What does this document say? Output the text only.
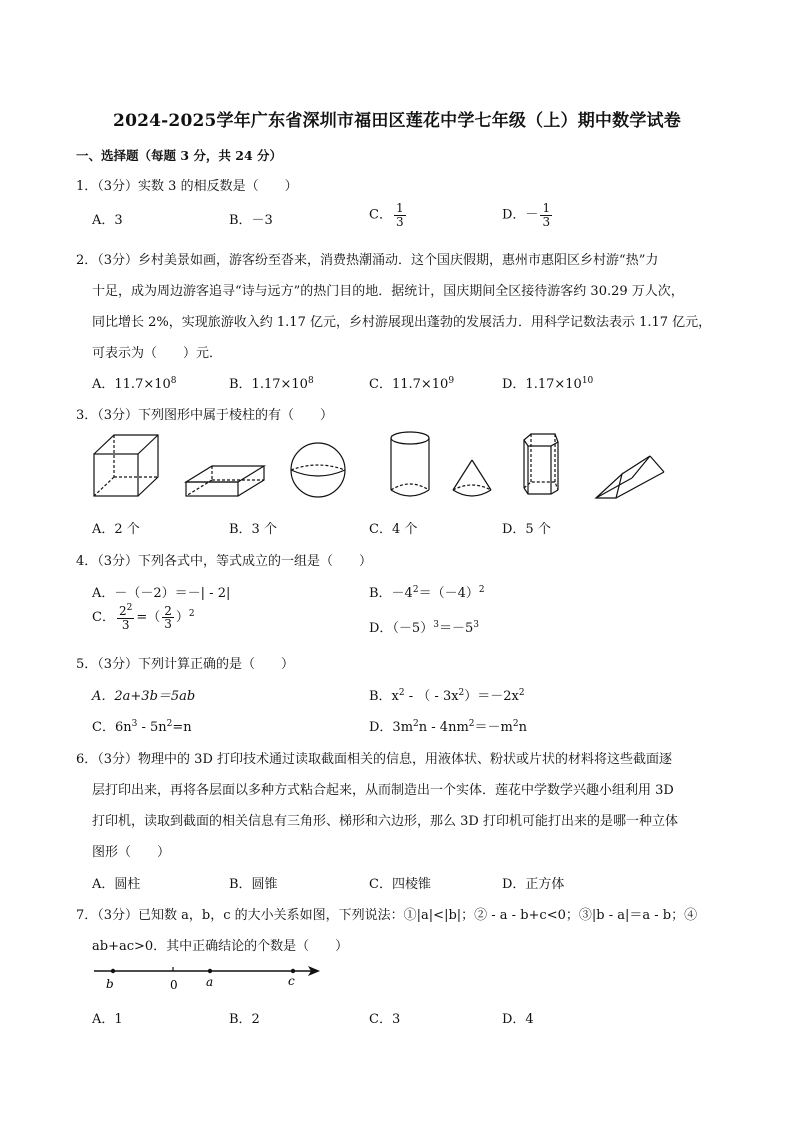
2024-2025学年广东省深圳市福田区莲花中学七年级（上）期中数学试卷
一、选择题（每题 3 分，共 24 分）
1．（3分）实数 3 的相反数是（　　）
A．3	B．－3	C． $\frac{1}{3}$	D．－ $\frac{1}{3}$
2．（3分）乡村美景如画，游客纷至沓来，消费热潮涌动．这个国庆假期，惠州市惠阳区乡村游“热”力
十足，成为周边游客追寻“诗与远方”的热门目的地．据统计，国庆期间全区接待游客约 30.29 万人次，
同比增长 2%，实现旅游收入约 1.17 亿元，乡村游展现出蓬勃的发展活力．用科学记数法表示 1.17 亿元，
可表示为（　　）元．
A．$11.7\times 10^8$	B．$1.17\times 10^8$	C．$11.7\times 10^9$	D．$1.17\times 10^{10}$
3．（3分）下列图形中属于棱柱的有（　　）
A．2 个	B．3 个	C．4 个	D．5 个
4．（3分）下列各式中，等式成立的一组是（　　）
A．－（－2）＝－| - 2|	B．$-4^2=(-4)^2$
C． $\frac{2^2}{3}$ =（ $\frac{2}{3} )^2$
D．$(-5)^3=-5^3$
5．（3分）下列计算正确的是（　　）
A．2a+3b＝5ab	B．$x^2$ - （ - $3x^2)=-2x^2$
C．$6n^3 - 5n^2=n$	D．$3m^2n - 4nm^2=-m^2n$
6．（3分）物理中的 3D 打印技术通过读取截面相关的信息，用液体状、粉状或片状的材料将这些截面逐
层打印出来，再将各层面以多种方式粘合起来，从而制造出一个实体．莲花中学数学兴趣小组利用 3D
打印机，读取到截面的相关信息有三角形、梯形和六边形，那么 3D 打印机可能打出来的是哪一种立体
图形（　　）
A．圆柱	B．圆锥	C．四棱锥	D．正方体
7．（3分）已知数 a，b，c 的大小关系如图，下列说法：①|a|<|b|；② - a - b+c<0；③|b - a|＝a - b；④
ab+ac>0．其中正确结论的个数是（　　）
b	0 a	c
A．1	B．2	C．3	D．4
